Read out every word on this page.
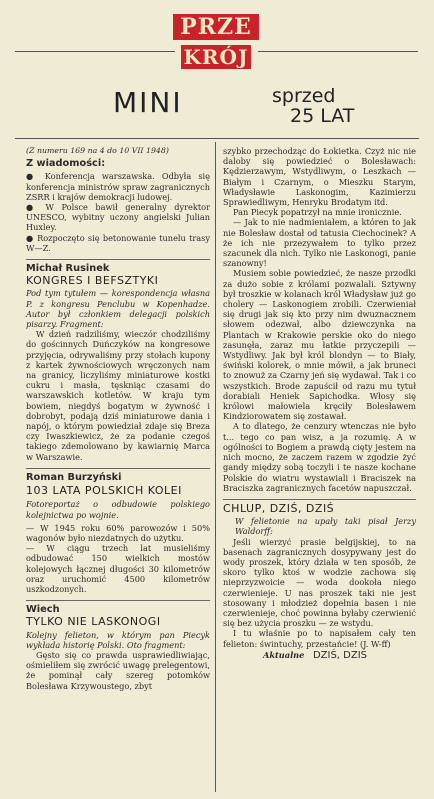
PRZE
KRÓJ
MINI	sprzed
25 LAT

(Z numeru 169 na 4 do 10 VII 1948)

Z wiadomości:

● Konferencja warszawska. Odbyła się konferencja ministrów spraw zagranicznych ZSRR i krajów demokracji ludowej.

● W Polsce bawił generalny dyrektor UNESCO, wybitny uczony angielski Julian Huxley.

● Rozpoczęto się betonowanie tunelu trasy W—Z.

Michał Rusinek

KONGRES I BEFSZTYKI

Pod tym tytułem — korespondencja własna P. z kongresu Penclubu w Kopenhadze. Autor był członkiem delegacji polskich pisarzy. Fragment:

W dzień radziliśmy, wieczór chodziliśmy do gościnnych Duńczyków na kongresowe przyjęcia, odrywaliśmy przy stołach kupony z kartek żywnościowych wręczonych nam na granicy, liczyliśmy miniaturowe kostki cukru i masła, tęskniąc czasami do warszawskich kotletów. W kraju tym bowiem, niegdyś bogatym w żywność i dobrobyt, podają dziś miniaturowe dania i napój, o którym powiedział zdaje się Breza czy Iwaszkiewicz, że za podanie czegoś takiego zdemolowano by kawiarnię Marca w Warszawie.

Roman Burzyński

103 LATA POLSKICH KOLEI

Fotoreportaż o odbudowie polskiego kolejnictwa po wojnie.

— W 1945 roku 60% parowozów i 50% wagonów było niezdatnych do użytku.

— W ciągu trzech lat musieliśmy odbudować 150 wielkich mostów kolejowych łącznej długości 30 kilometrów oraz uruchomić 4500 kilometrów uszkodzonych.

Wiech

TYLKO NIE LASKONOGI

Kolejny felieton, w którym pan Piecyk wykłada historię Polski. Oto fragment:

Gęsto się co prawda usprawiedliwiając, ośmieliłem się zwrócić uwagę prelegentowi, że pominął cały szereg potomków Bolesława Krzywoustego, zbyt

szybko przechodząc do Łokietka. Czyż nic nie daloby się powiedzieć o Bolesławach: Kędzierzawym, Wstydliwym, o Leszkach — Białym i Czarnym, o Mieszku Starym, Władysławie Laskonogim, Kazimierzu Sprawiedliwym, Henryku Brodatym itd.

Pan Piecyk popatrzył na mnie ironicznie.

— Jak to nie nadmieniałem, a któren to jak nie Bolesław dostał od tatusia Ciechocinek? A że ich nie przezywałem to tylko przez szacunek dla nich. Tylko nie Laskonogi, panie szanowny!

Musiem sobie powiedzieć, że nasze przodki za dużo sobie z królami pozwalali. Sztywny był troszkie w kolanach król Władysław już go cholery — Laskonogiem zrobili. Czerwieniał się drugi jak się kto przy nim dwuznacznem słowem odezwał, albo dziewczynka na Plantach w Krakowie perskie oko do niego zasunęła, zaraz mu łatkie przyczepili — Wstydliwy. Jak był król blondyn — to Biały, świński kolorek, o mnie mówił, a jak bruneci to znowuż za Czarny jeń się wydawał. Tak i co wszystkich. Brode zapuścił od razu mu tytuł dorabiali Heniek Sapichodka. Włosy się królowi małowiela kręciły Bolesławem Kindziorowatem się zostawał.

A to dlatego, że cenzury wtenczas nie było t... tego co pan wisz, a ja rozumię. A w ogólności to Bogiem a prawdą cięty jestem na nich mocno, że zaczem razem w zgodzie żyć gandy między sobą toczyli i te nasze kochane Polskie do wiatru wystawiali i Braciszek na Braciszka zagranicznych facetów napuszczał.

CHLUP, DZIŚ, DZIŚ

W felietonie na upały taki pisał Jerzy Waldorff:

Jeśli wierzyć prasie belgijskiej, to na basenach zagranicznych dosypywany jest do wody proszek, który działa w ten sposób, że skoro tylko ktoś w wodzie zachowa się nieprzyzwoicie — woda dookoła niego czerwienieje. U nas proszek taki nie jest stosowany i młodzież dopełnia basen i nie czerwienieje, choć powinna byłaby czerwienić się bez użycia proszku — ze wstydu.

I tu właśnie po to napisałem cały ten felieton: świntuchy, przestańcie! (J. W-ff)

Aktualne DZIŚ, DZIŚ
